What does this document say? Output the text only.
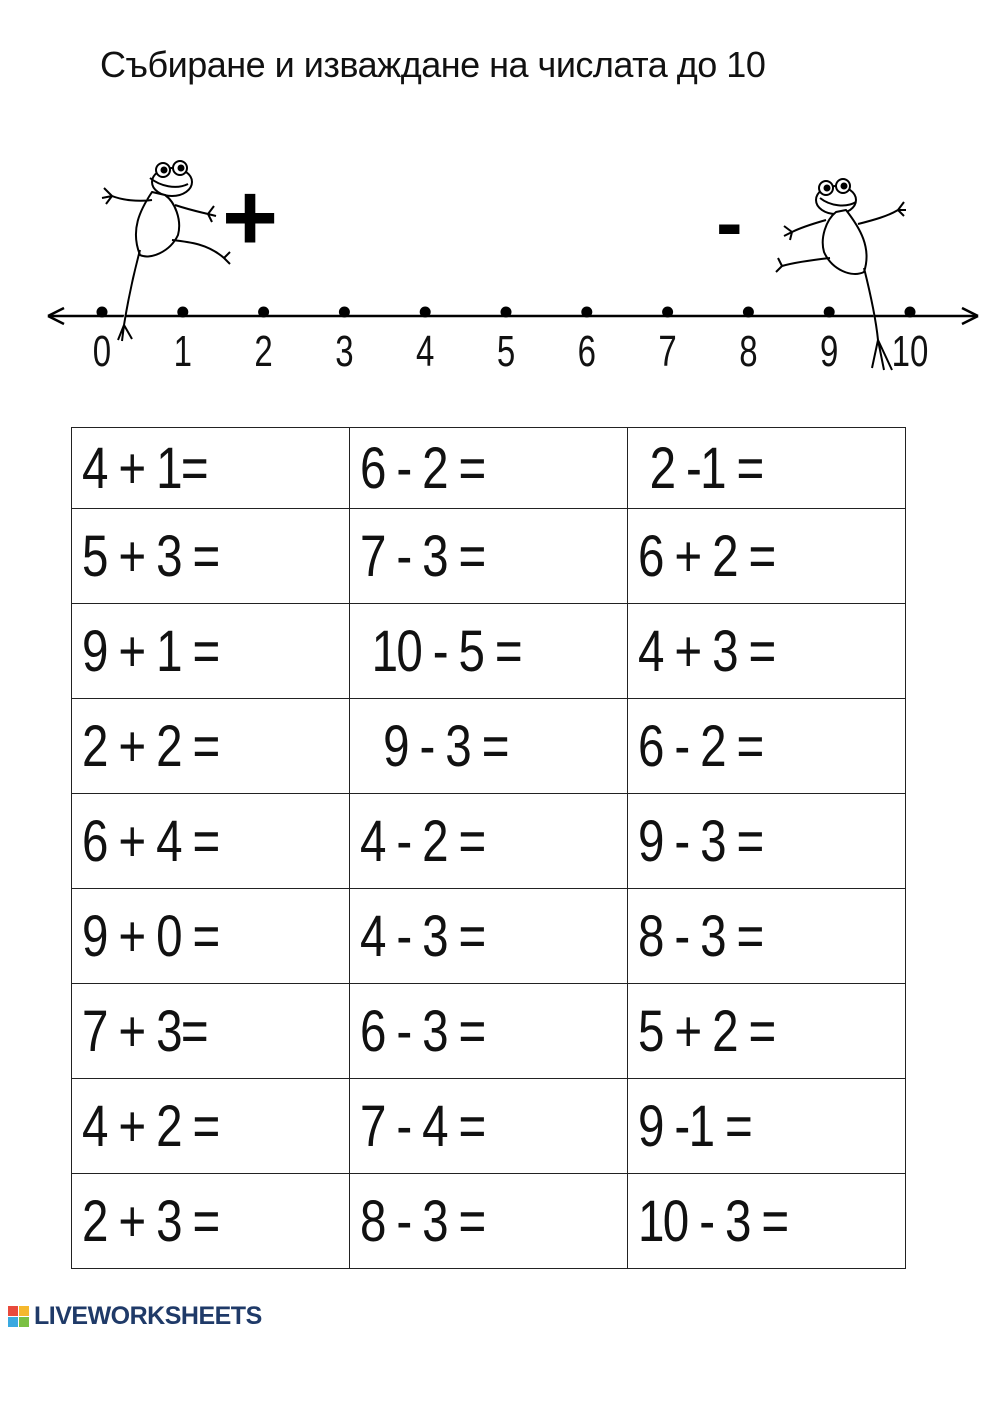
Събиране и изваждане на числата до 10
0 1 2 3 4 5 6 7 8 9 10
+	-
4 + 1=	6 - 2 =	2 -1 =
5 + 3 =	7 - 3 =	6 + 2 =
9 + 1 =	10 - 5 =	4 + 3 =
2 + 2 =	9 - 3 =	6 - 2 =
6 + 4 =	4 - 2 =	9 - 3 =
9 + 0 =	4 - 3 =	8 - 3 =
7 + 3=	6 - 3 =	5 + 2 =
4 + 2 =	7 - 4 =	9 -1 =
2 + 3 =	8 - 3 =	10 - 3 =
LIVEWORKSHEETS
